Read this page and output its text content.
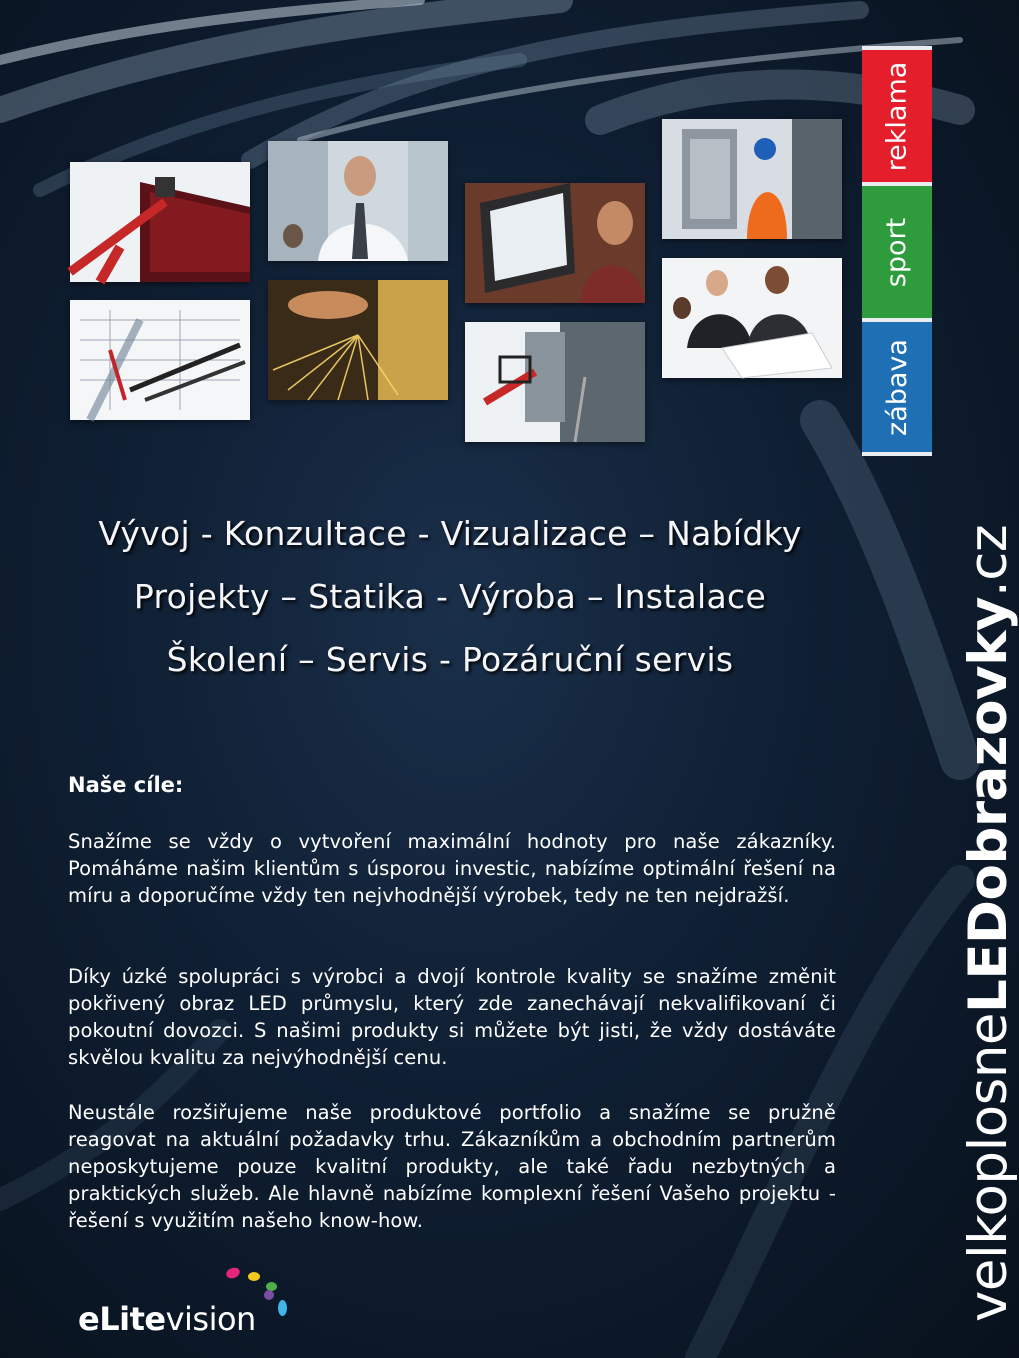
Vývoj - Konzultace - Vizualizace – Nabídky
Projekty – Statika - Výroba – Instalace
Školení – Servis - Pozáruční servis
Naše cíle:

Snažíme se vždy o vytvoření maximální hodnoty pro naše zákazníky. Pomáháme našim klientům s úsporou investic, nabízíme optimální řešení na míru a doporučíme vždy ten nejvhodnější výrobek, tedy ne ten nejdražší.

Díky úzké spolupráci s výrobci a dvojí kontrole kvality se snažíme změnit pokřivený obraz LED průmyslu, který zde zanechávají nekvalifikovaní či pokoutní dovozci. S našimi produkty si můžete být jisti, že vždy dostáváte skvělou kvalitu za nejvýhodnější cenu.

Neustále rozšiřujeme naše produktové portfolio a snažíme se pružně reagovat na aktuální požadavky trhu. Zákazníkům a obchodním partnerům neposkytujeme pouze kvalitní produkty, ale také řadu nezbytných a praktických služeb. Ale hlavně nabízíme komplexní řešení Vašeho projektu - řešení s využitím našeho know-how.

reklama
sport
zábava
velkoplosneLEDobrazovky.cz
eLitevision
